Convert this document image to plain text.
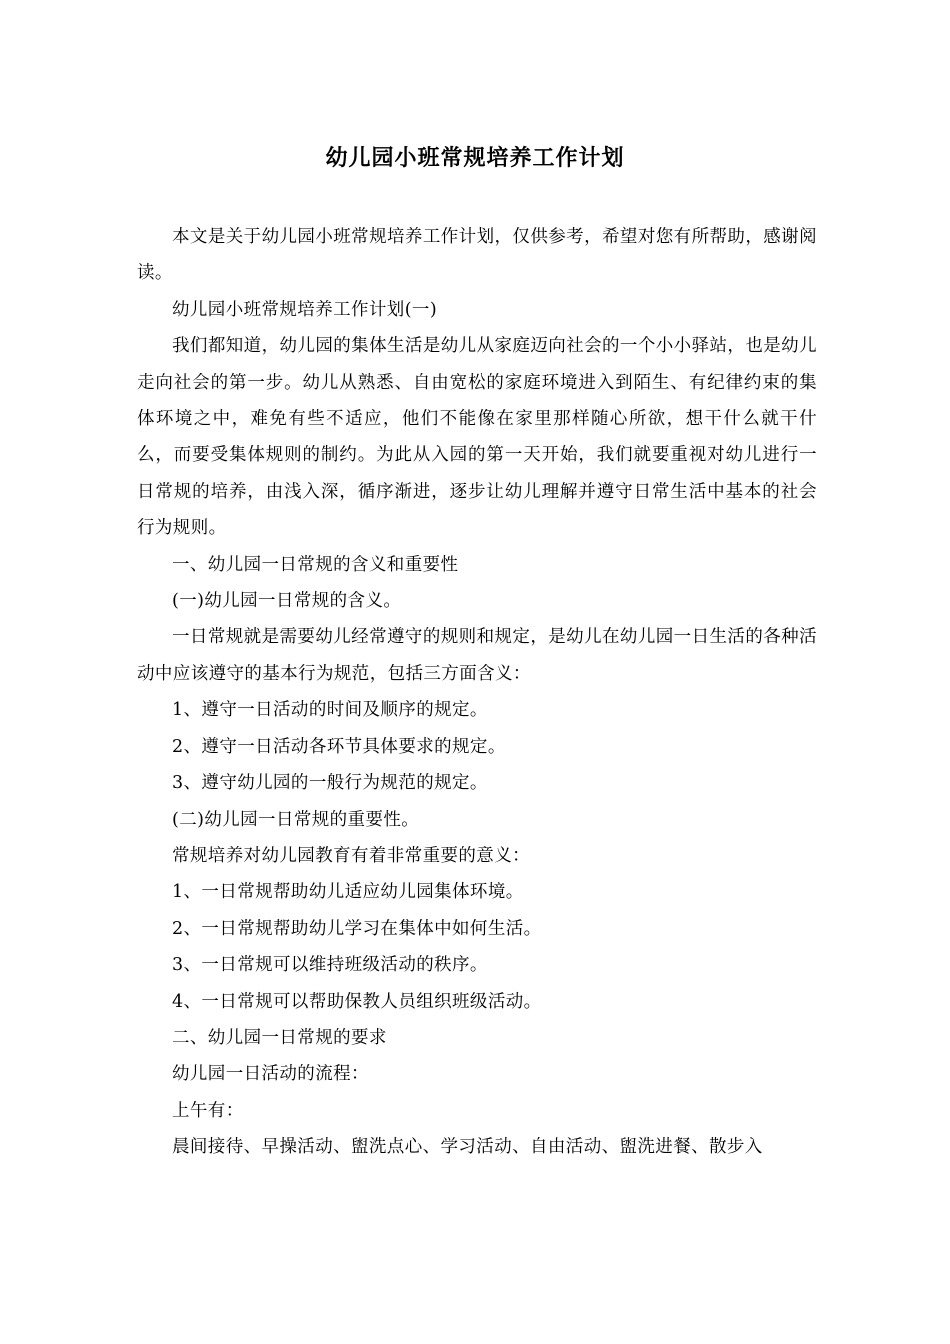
幼儿园小班常规培养工作计划

本文是关于幼儿园小班常规培养工作计划，仅供参考，希望对您有所帮助，感谢阅读。

幼儿园小班常规培养工作计划(一)

我们都知道，幼儿园的集体生活是幼儿从家庭迈向社会的一个小小驿站，也是幼儿走向社会的第一步。幼儿从熟悉、自由宽松的家庭环境进入到陌生、有纪律约束的集体环境之中，难免有些不适应，他们不能像在家里那样随心所欲，想干什么就干什么，而要受集体规则的制约。为此从入园的第一天开始，我们就要重视对幼儿进行一日常规的培养，由浅入深，循序渐进，逐步让幼儿理解并遵守日常生活中基本的社会行为规则。

一、幼儿园一日常规的含义和重要性

(一)幼儿园一日常规的含义。

一日常规就是需要幼儿经常遵守的规则和规定，是幼儿在幼儿园一日生活的各种活动中应该遵守的基本行为规范，包括三方面含义：

1、遵守一日活动的时间及顺序的规定。

2、遵守一日活动各环节具体要求的规定。

3、遵守幼儿园的一般行为规范的规定。

(二)幼儿园一日常规的重要性。

常规培养对幼儿园教育有着非常重要的意义：

1、一日常规帮助幼儿适应幼儿园集体环境。

2、一日常规帮助幼儿学习在集体中如何生活。

3、一日常规可以维持班级活动的秩序。

4、一日常规可以帮助保教人员组织班级活动。

二、幼儿园一日常规的要求

幼儿园一日活动的流程：

上午有：

晨间接待、早操活动、盥洗点心、学习活动、自由活动、盥洗进餐、散步入
